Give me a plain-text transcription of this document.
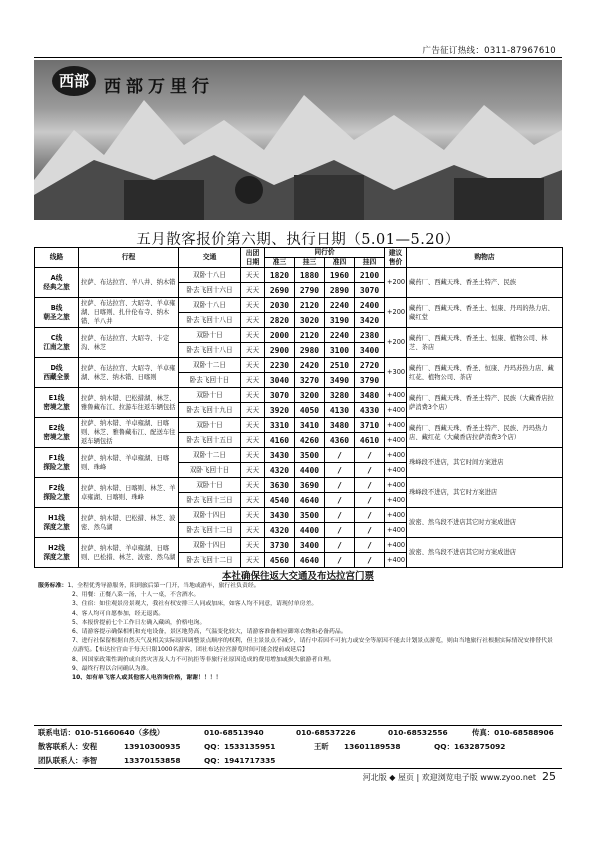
广告征订热线：0311-87967610
西部 西部万里行
五月散客报价第六期、执行日期（5.01—5.20）
线路	行程	交通	出团日期	同行价				建议售价	购物店
				准三	挂三	准四	挂四		
A线
经典之旅	拉萨、布达拉宫、羊八井、纳木错	双卧十八日	天天	1820	1880	1960	2100	+200	藏药厂、西藏天珠、香圣土特产、民族
		卧去飞回十六日	天天	2690	2790	2890	3070		
B线
朝圣之旅	拉萨、布达拉宫、大昭寺、羊卓雍湖、日喀则、扎什伦布寺、纳木错、羊八井	双卧十八日	天天	2030	2120	2240	2400	+200	藏药厂、西藏天珠、香圣土、恒康、丹玛的热力店、藏红堂
		卧去飞回十八日	天天	2820	3020	3190	3420		
C线
江南之旅	拉萨、布达拉宫、大昭寺、卡定沟、林芝	双卧十日	天天	2000	2120	2240	2380	+200	藏药厂、西藏天珠、香圣土、恒康、植物公司、林芝、茶店
		卧去飞回十八日	天天	2900	2980	3100	3400		
D线
西藏全景	拉萨、布达拉宫、大昭寺、羊卓雍湖、林芝、纳木错、日喀则	双卧十二日	天天	2230	2420	2510	2720	+300	藏药厂、西藏天珠、香圣、恒康、丹玛苏热力店、藏红花、植物公司、茶店
		卧去飞回十日	天天	3040	3270	3490	3790		
E1线
密境之旅	拉萨、纳木错、巴松措湖、林芝、雅鲁藏布江、拉游车往返车辆包括	双卧十日	天天	3070	3200	3280	3480	+400	藏药厂、西藏天珠、香圣土特产、民族（大藏香店拉萨消费3个店）
		卧去飞回十九日	天天	3920	4050	4130	4330	+400	
E2线
密境之旅	拉萨、纳木错、羊卓雍湖、日喀则、林芝、雅鲁藏布江、配送车往返车辆包括	双卧十日	天天	3310	3410	3480	3710	+400	藏药厂、西藏天珠、香圣土特产、民族、丹玛热力店、藏红花（大藏香店拉萨消费3个店）
		卧去飞回十五日	天天	4160	4260	4360	4610	+400	
F1线
探险之旅	拉萨、纳木错、羊卓雍湖、日喀则、珠峰	双卧十二日	天天	3430	3500	/	/	+400	珠峰段不进店，其它时间方案进店
		双卧飞回十日	天天	4320	4400	/	/	+400	
F2线
探险之旅	拉萨、纳木错、日喀则、林芝、羊卓雍湖、日喀则、珠峰	双卧十日	天天	3630	3690	/	/	+400	珠峰段不进店，其它时方案进店
		卧去飞回十三日	天天	4540	4640	/	/	+400	
H1线
深度之旅	拉萨、纳木错、巴松措、林芝、波密、然乌湖	双卧十四日	天天	3430	3500	/	/	+400	波密、然乌段不进店其它时方案成进店
		卧去飞回十二日	天天	4320	4400	/	/	+400	
H2线
深度之旅	拉萨、纳木错、羊卓雍湖、日喀则、巴松措、林芝、波密、然乌湖	双卧十四日	天天	3730	3400	/	/	+400	波密、然乌段不进店其它时方案成进店
		卧去飞回十二日	天天	4560	4640	/	/	+400	
本社确保往返大交通及布达拉宫门票
服务标准：1、全程优秀导游服务，阳到旅后第一门开，当地或游车，旅行社负责经。
2、用餐：正餐八菜一汤，十人一桌，不含酒水。
3、住宿：如住观景房景观大，我社有权安排三人同或加床，如客人均不同意，请现付单房差。
4、客人均可自愿参加，经无退离。
5、本报价提前七个工作日左确入藏函，价格电询。
6、请游客提示确保相机和充电设备，景区地势高，气温变化较大，请游客准备相应御寒衣物和必备药品。
7、进行社保留根据自然天气及相关实际原因调整景点顺序的权利，但主景景点不减少，请行中若因不可抗力或安全等原因不能去计划景点游览，则由当地旅行社根据实际情况安排替代景点游览。【布达拉宫由于每天只限1000名游客，团社布达拉宫游览时间可能会提前或延后】
8、因国家政策性调价或自然灾害及人力不可抗拒等非旅行社原因造成的费用增加或损失旅游者自理。
9、最终行程以合同确认为准。
10、如有单飞客人或其他客人电咨询价格，谢谢！！！！
联系电话：010-51660640（多线）	010-68513940	010-68537226	010-68532556	传真：010-68588906
散客联系人：安程	13910300935	QQ：1533135951	王昕 13601189538	QQ：1632875092
团队联系人：李智	13370153858	QQ：1941717335
河北版 ◆ 屋页 | 欢迎浏览电子版 www.zyoo.net 25
